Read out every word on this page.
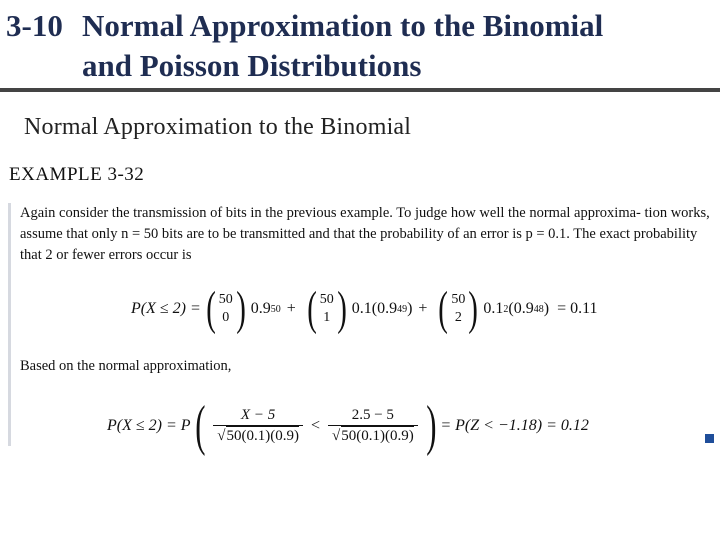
3-10 Normal Approximation to the Binomial
and Poisson Distributions
Normal Approximation to the Binomial
EXAMPLE 3-32
Again consider the transmission of bits in the previous example. To judge how well the normal approxima- tion works, assume that only n = 50 bits are to be transmitted and that the probability of an error is p = 0.1. The exact probability that 2 or fewer errors occur is
P(X ≤ 2) = ( 50
0 ) 0.9 50 + ( 50
1 ) 0.1(0.9 49 ) + ( 50
2 ) 0.1 2 (0.9 48 ) = 0.11
Based on the normal approximation,
P(X ≤ 2) = P ( $\frac{X - 5}{√50(0.1)(0.9)} < \frac{2.5 - 5}{√50(0.1)(0.9)}$ ) = P(Z < −1.18) = 0.12
